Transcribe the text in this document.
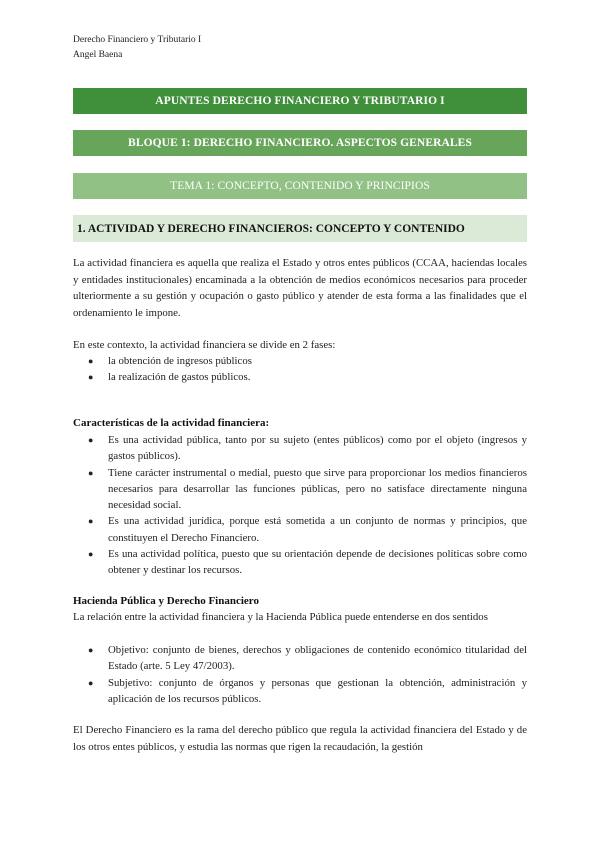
Derecho Financiero y Tributario I
Angel Baena
APUNTES DERECHO FINANCIERO Y TRIBUTARIO I
BLOQUE 1: DERECHO FINANCIERO. ASPECTOS GENERALES
TEMA 1: CONCEPTO, CONTENIDO Y PRINCIPIOS
1. ACTIVIDAD Y DERECHO FINANCIEROS: CONCEPTO Y CONTENIDO

La actividad financiera es aquella que realiza el Estado y otros entes públicos (CCAA, haciendas locales y entidades institucionales) encaminada a la obtención de medios económicos necesarios para proceder ulteriormente a su gestión y ocupación o gasto público y atender de esta forma a las finalidades que el ordenamiento le impone.

En este contexto, la actividad financiera se divide en 2 fases:

● la obtención de ingresos públicos
● la realización de gastos públicos.
Características de la actividad financiera:
● Es una actividad pública, tanto por su sujeto (entes públicos) como por el objeto (ingresos y gastos públicos).
● Tiene carácter instrumental o medial, puesto que sirve para proporcionar los medios financieros necesarios para desarrollar las funciones públicas, pero no satisface directamente ninguna necesidad social.
● Es una actividad jurídica, porque está sometida a un conjunto de normas y principios, que constituyen el Derecho Financiero.
● Es una actividad política, puesto que su orientación depende de decisiones políticas sobre como obtener y destinar los recursos.
Hacienda Pública y Derecho Financiero

La relación entre la actividad financiera y la Hacienda Pública puede entenderse en dos sentidos

● Objetivo: conjunto de bienes, derechos y obligaciones de contenido económico titularidad del Estado (arte. 5 Ley 47/2003).
● Subjetivo: conjunto de órganos y personas que gestionan la obtención, administración y aplicación de los recursos públicos.

El Derecho Financiero es la rama del derecho público que regula la actividad financiera del Estado y de los otros entes públicos, y estudia las normas que rigen la recaudación, la gestión
